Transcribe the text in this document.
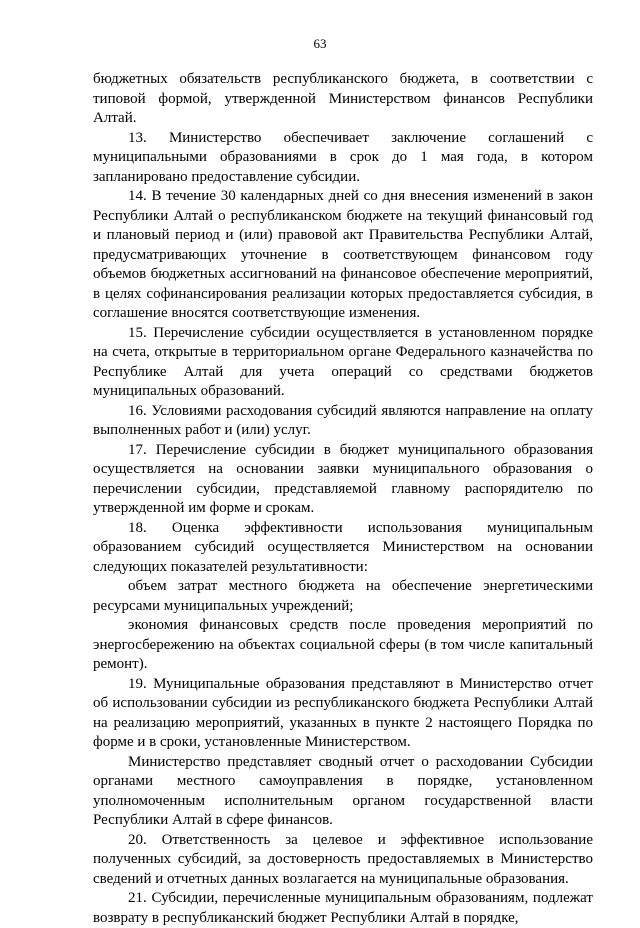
63

бюджетных обязательств республиканского бюджета, в соответствии с типовой формой, утвержденной Министерством финансов Республики Алтай.

13. Министерство обеспечивает заключение соглашений с муниципальными образованиями в срок до 1 мая года, в котором запланировано предоставление субсидии.

14. В течение 30 календарных дней со дня внесения изменений в закон Республики Алтай о республиканском бюджете на текущий финансовый год и плановый период и (или) правовой акт Правительства Республики Алтай, предусматривающих уточнение в соответствующем финансовом году объемов бюджетных ассигнований на финансовое обеспечение мероприятий, в целях софинансирования реализации которых предоставляется субсидия, в соглашение вносятся соответствующие изменения.

15. Перечисление субсидии осуществляется в установленном порядке на счета, открытые в территориальном органе Федерального казначейства по Республике Алтай для учета операций со средствами бюджетов муниципальных образований.

16. Условиями расходования субсидий являются направление на оплату выполненных работ и (или) услуг.

17. Перечисление субсидии в бюджет муниципального образования осуществляется на основании заявки муниципального образования о перечислении субсидии, представляемой главному распорядителю по утвержденной им форме и срокам.

18. Оценка эффективности использования муниципальным образованием субсидий осуществляется Министерством на основании следующих показателей результативности:

объем затрат местного бюджета на обеспечение энергетическими ресурсами муниципальных учреждений;

экономия финансовых средств после проведения мероприятий по энергосбережению на объектах социальной сферы (в том числе капитальный ремонт).

19. Муниципальные образования представляют в Министерство отчет об использовании субсидии из республиканского бюджета Республики Алтай на реализацию мероприятий, указанных в пункте 2 настоящего Порядка по форме и в сроки, установленные Министерством.

Министерство представляет сводный отчет о расходовании Субсидии органами местного самоуправления в порядке, установленном уполномоченным исполнительным органом государственной власти Республики Алтай в сфере финансов.

20. Ответственность за целевое и эффективное использование полученных субсидий, за достоверность предоставляемых в Министерство сведений и отчетных данных возлагается на муниципальные образования.

21. Субсидии, перечисленные муниципальным образованиям, подлежат возврату в республиканский бюджет Республики Алтай в порядке,
